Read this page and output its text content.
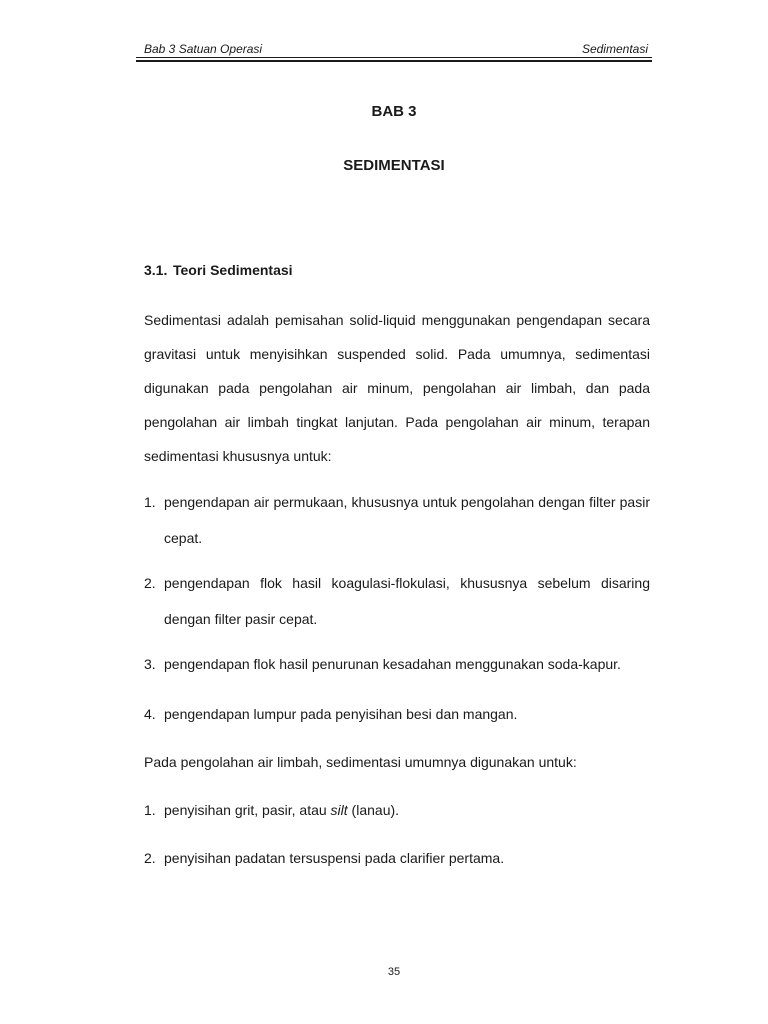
Bab 3 Satuan Operasi	Sedimentasi
BAB 3
SEDIMENTASI
3.1. Teori Sedimentasi
Sedimentasi adalah pemisahan solid-liquid menggunakan pengendapan secara gravitasi untuk menyisihkan suspended solid. Pada umumnya, sedimentasi digunakan pada pengolahan air minum, pengolahan air limbah, dan pada pengolahan air limbah tingkat lanjutan. Pada pengolahan air minum, terapan sedimentasi khususnya untuk:
1. pengendapan air permukaan, khususnya untuk pengolahan dengan filter pasir cepat.
2. pengendapan flok hasil koagulasi-flokulasi, khususnya sebelum disaring dengan filter pasir cepat.
3. pengendapan flok hasil penurunan kesadahan menggunakan soda-kapur.
4. pengendapan lumpur pada penyisihan besi dan mangan.
Pada pengolahan air limbah, sedimentasi umumnya digunakan untuk:
1. penyisihan grit, pasir, atau silt (lanau).
2. penyisihan padatan tersuspensi pada clarifier pertama.
35
